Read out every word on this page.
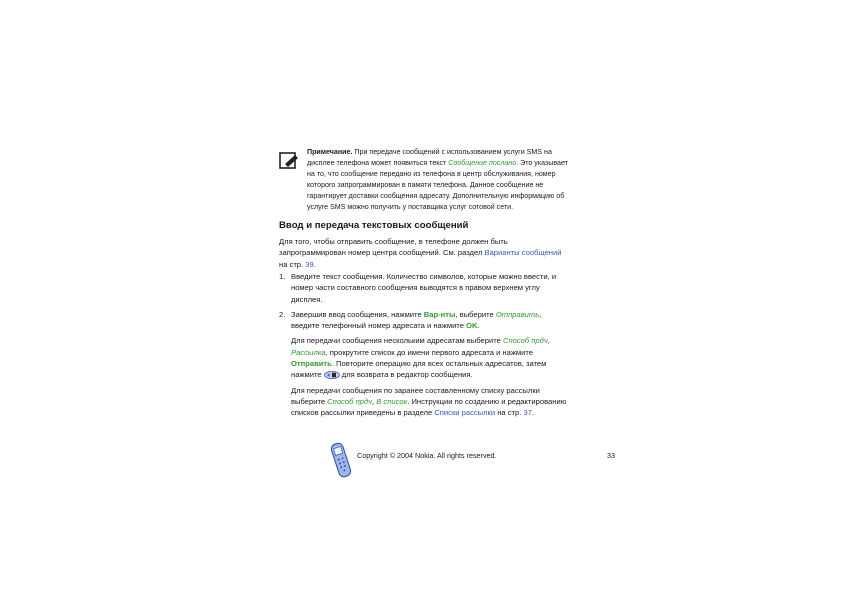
Примечание. При передаче сообщений с использованием услуги SMS на дисплее телефона может появиться текст Сообщение послано. Это указывает на то, что сообщение передано из телефона в центр обслуживания, номер которого запрограммирован в памяти телефона. Данное сообщение не гарантирует доставки сообщения адресату. Дополнительную информацию об услуге SMS можно получить у поставщика услуг сотовой сети.

Ввод и передача текстовых сообщений

Для того, чтобы отправить сообщение, в телефоне должен быть запрограммирован номер центра сообщений. См. раздел Варианты сообщений на стр. 39.

1. Введите текст сообщения. Количество символов, которые можно ввести, и номер части составного сообщения выводятся в правом верхнем углу дисплея.
2. Завершив ввод сообщения, нажмите Вар-нты, выберите Отправить, введите телефонный номер адресата и нажмите OK.

Для передачи сообщения нескольким адресатам выберите Способ прдч, Рассылка, прокрутите список до имени первого адресата и нажмите Отправить. Повторите операцию для всех остальных адресатов, затем нажмите  для возврата в редактор сообщения.

Для передачи сообщения по заранее составленному списку рассылки выберите Способ прдч, В список. Инструкции по созданию и редактированию списков рассылки приведены в разделе Списки рассылки на стр. 37.

Copyright © 2004 Nokia. All rights reserved.	33
